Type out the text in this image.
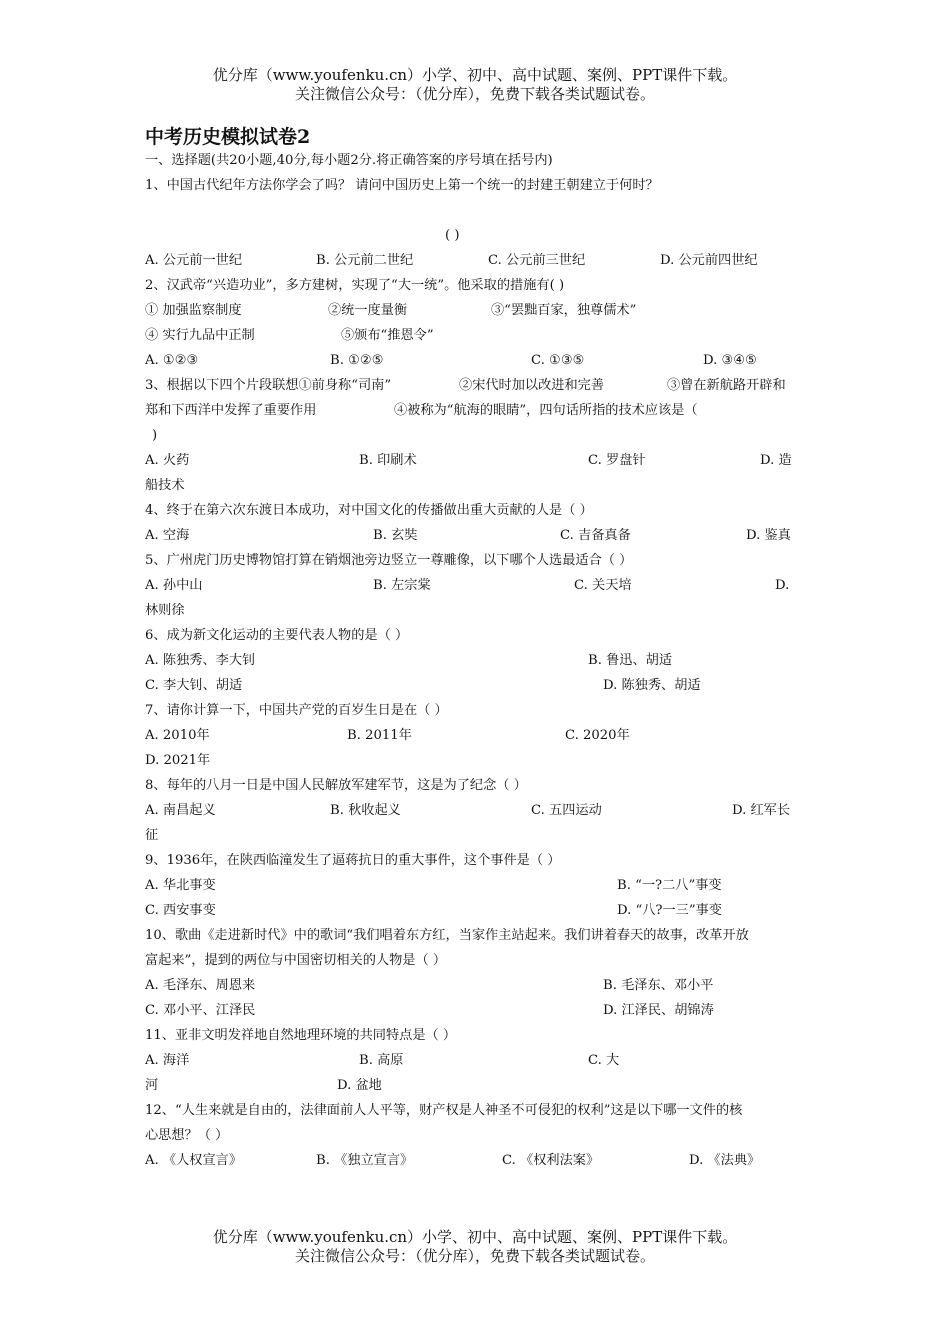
优分库（www.youfenku.cn）小学、初中、高中试题、案例、PPT课件下载。
关注微信公众号：（优分库），免费下载各类试题试卷。
中考历史模拟试卷2
一、选择题(共20小题,40分,每小题2分.将正确答案的序号填在括号内)
1、中国古代纪年方法你学会了吗？ 请问中国历史上第一个统一的封建王朝建立于何时？
( )
A. 公元前一世纪	B. 公元前二世纪	C. 公元前三世纪	D. 公元前四世纪
2、汉武帝“兴造功业”，多方建树，实现了“大一统”。他采取的措施有( )
① 加强监察制度	②统一度量衡	③“罢黜百家，独尊儒术”
④ 实行九品中正制	⑤颁布“推恩令”
A. ①②③	B. ①②⑤	C. ①③⑤	D. ③④⑤
3、根据以下四个片段联想①前身称“司南”	②宋代时加以改进和完善	③曾在新航路开辟和
郑和下西洋中发挥了重要作用	④被称为“航海的眼睛”，四句话所指的技术应该是（
)
A. 火药	B. 印刷术	C. 罗盘针	D. 造
船技术
4、终于在第六次东渡日本成功，对中国文化的传播做出重大贡献的人是（ ）
A. 空海	B. 玄奘	C. 吉备真备	D. 鉴真
5、广州虎门历史博物馆打算在销烟池旁边竖立一尊雕像，以下哪个人选最适合（ ）
A. 孙中山	B. 左宗棠	C. 关天培	D.
林则徐
6、成为新文化运动的主要代表人物的是（ ）
A. 陈独秀、李大钊	B. 鲁迅、胡适
C. 李大钊、胡适	D. 陈独秀、胡适
7、请你计算一下，中国共产党的百岁生日是在（ ）
A. 2010年	B. 2011年	C. 2020年
D. 2021年
8、每年的八月一日是中国人民解放军建军节，这是为了纪念（ ）
A. 南昌起义	B. 秋收起义	C. 五四运动	D. 红军长
征
9、1936年，在陕西临潼发生了逼蒋抗日的重大事件，这个事件是（ ）
A. 华北事变	B. “一?二八”事变
C. 西安事变	D. “八?一三”事变
10、歌曲《走进新时代》中的歌词“我们唱着东方红，当家作主站起来。我们讲着春天的故事，改革开放
富起来”，提到的两位与中国密切相关的人物是（ ）
A. 毛泽东、周恩来	B. 毛泽东、邓小平
C. 邓小平、江泽民	D. 江泽民、胡锦涛
11、亚非文明发祥地自然地理环境的共同特点是（ ）
A. 海洋	B. 高原	C. 大
河	D. 盆地
12、“人生来就是自由的，法律面前人人平等，财产权是人神圣不可侵犯的权利”这是以下哪一文件的核
心思想？（ ）
A. 《人权宣言》	B. 《独立宣言》	C. 《权利法案》	D. 《法典》
优分库（www.youfenku.cn）小学、初中、高中试题、案例、PPT课件下载。
关注微信公众号：（优分库），免费下载各类试题试卷。
